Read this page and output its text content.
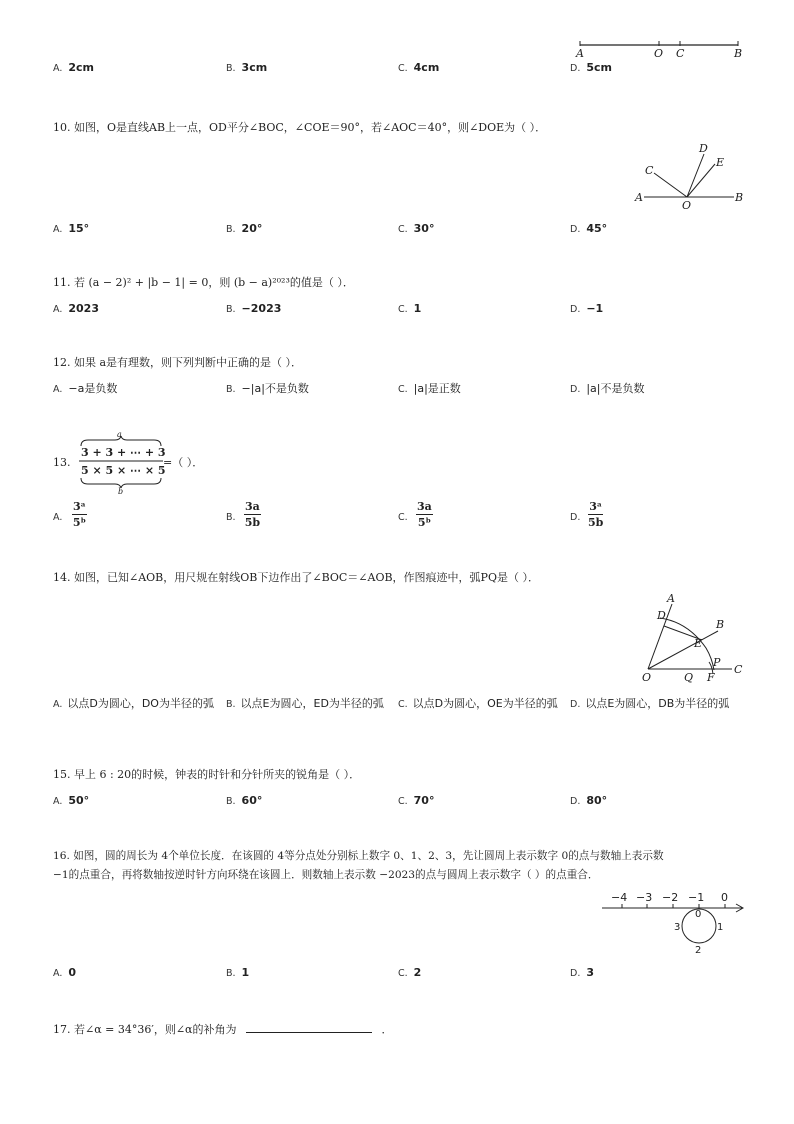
A	O C	B
A. 2cm	B. 3cm	C. 4cm	D. 5cm
10. 如图，O是直线AB上一点，OD平分∠BOC，∠COE＝90°，若∠AOC＝40°，则∠DOE为（ ）．
A
O
B
C
D
E
A. 15°	B. 20°	C. 30°	D. 45°
11. 若 (a − 2)² + |b − 1| = 0，则 (b − a)²⁰²³的值是（ ）．
A. 2023	B. −2023	C. 1	D. −1
12. 如果 a是有理数，则下列判断中正确的是（ ）．
A. −a是负数	B. −|a|不是负数	C. |a|是正数	D. |a|不是负数
13.
a
3 + 3 + ⋯ + 3
5 × 5 × ⋯ × 5
b
=（ ）．
A. $\frac{\text{3ᵃ}}{\text{5ᵇ}}$	B. $\frac{3a}{5b}$	C. $\frac{3a}{\text{5ᵇ}}$	D. $\frac{\text{3ᵃ}}{5b}$
14. 如图，已知∠AOB，用尺规在射线OB下边作出了∠BOC＝∠AOB，作图痕迹中，弧PQ是（ ）．
A
D
B
E
P
C
O	Q F
A. 以点D为圆心，DO为半径的弧	B. 以点E为圆心，ED为半径的弧	C. 以点D为圆心，OE为半径的弧	D. 以点E为圆心，DB为半径的弧
15. 早上 6 : 20的时候，钟表的时针和分针所夹的锐角是（ ）．
A. 50°	B. 60°	C. 70°	D. 80°
16. 如图，圆的周长为 4个单位长度．在该圆的 4等分点处分别标上数字 0、1、2、3，先让圆周上表示数字 0的点与数轴上表示数
−1的点重合，再将数轴按逆时针方向环绕在该圆上．则数轴上表示数 −2023的点与圆周上表示数字（ ）的点重合．
−4 −3 −2 −1 0
0
1
2
3
A. 0	B. 1	C. 2	D. 3
17. 若∠α = 34°36′，则∠α的补角为	．
